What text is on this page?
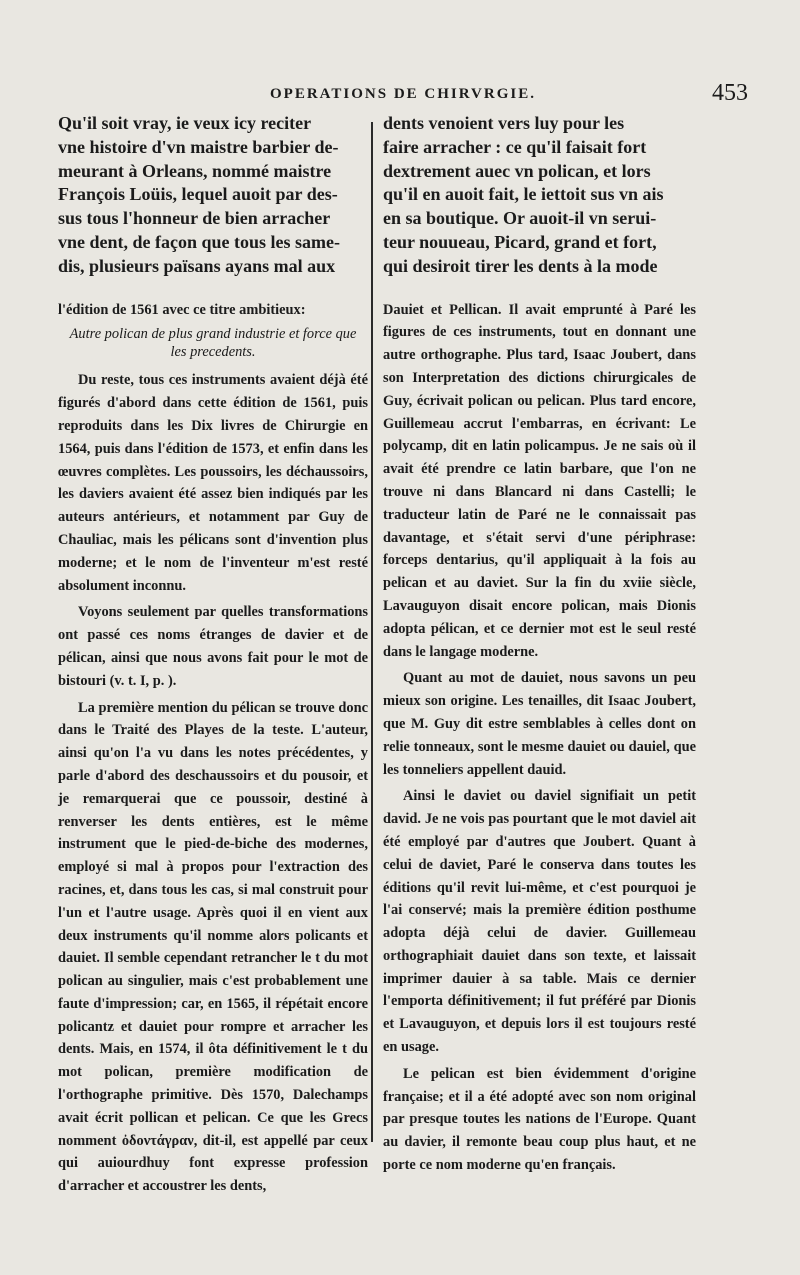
OPERATIONS DE CHIRVRGIE.	453

Qu'il soit vray, ie veux icy reciter

vne histoire d'vn maistre barbier de-

meurant à Orleans, nommé maistre

François Loüis, lequel auoit par des-

sus tous l'honneur de bien arracher

vne dent, de façon que tous les same-

dis, plusieurs païsans ayans mal aux

l'édition de 1561 avec ce titre ambitieux:

Autre polican de plus grand industrie et force que les precedents.

Du reste, tous ces instruments avaient déjà été figurés d'abord dans cette édition de 1561, puis reproduits dans les Dix livres de Chirurgie en 1564, puis dans l'édition de 1573, et enfin dans les œuvres complètes. Les poussoirs, les déchaussoirs, les daviers avaient été assez bien indiqués par les auteurs antérieurs, et notamment par Guy de Chauliac, mais les pélicans sont d'invention plus moderne; et le nom de l'inventeur m'est resté absolument inconnu.

Voyons seulement par quelles transformations ont passé ces noms étranges de davier et de pélican, ainsi que nous avons fait pour le mot de bistouri (v. t. I, p. ).

La première mention du pélican se trouve donc dans le Traité des Playes de la teste. L'auteur, ainsi qu'on l'a vu dans les notes précédentes, y parle d'abord des deschaussoirs et du pousoir, et je remarquerai que ce poussoir, destiné à renverser les dents entières, est le même instrument que le pied-de-biche des modernes, employé si mal à propos pour l'extraction des racines, et, dans tous les cas, si mal construit pour l'un et l'autre usage. Après quoi il en vient aux deux instruments qu'il nomme alors policants et dauiet. Il semble cependant retrancher le t du mot polican au singulier, mais c'est probablement une faute d'impression; car, en 1565, il répétait encore policantz et dauiet pour rompre et arracher les dents. Mais, en 1574, il ôta définitivement le t du mot polican, première modification de l'orthographe primitive. Dès 1570, Dalechamps avait écrit pollican et pelican. Ce que les Grecs nomment ὀδοντάγραν, dit-il, est appellé par ceux qui auiourdhuy font expresse profession d'arracher et accoustrer les dents,

dents venoient vers luy pour les

faire arracher : ce qu'il faisait fort

dextrement auec vn polican, et lors

qu'il en auoit fait, le iettoit sus vn ais

en sa boutique. Or auoit-il vn serui-

teur nouueau, Picard, grand et fort,

qui desiroit tirer les dents à la mode

Dauiet et Pellican. Il avait emprunté à Paré les figures de ces instruments, tout en donnant une autre orthographe. Plus tard, Isaac Joubert, dans son Interpretation des dictions chirurgicales de Guy, écrivait polican ou pelican. Plus tard encore, Guillemeau accrut l'embarras, en écrivant: Le polycamp, dit en latin policampus. Je ne sais où il avait été prendre ce latin barbare, que l'on ne trouve ni dans Blancard ni dans Castelli; le traducteur latin de Paré ne le connaissait pas davantage, et s'était servi d'une périphrase: forceps dentarius, qu'il appliquait à la fois au pelican et au daviet. Sur la fin du xviie siècle, Lavauguyon disait encore polican, mais Dionis adopta pélican, et ce dernier mot est le seul resté dans le langage moderne.

Quant au mot de dauiet, nous savons un peu mieux son origine. Les tenailles, dit Isaac Joubert, que M. Guy dit estre semblables à celles dont on relie tonneaux, sont le mesme dauiet ou dauiel, que les tonneliers appellent dauid.

Ainsi le daviet ou daviel signifiait un petit david. Je ne vois pas pourtant que le mot daviel ait été employé par d'autres que Joubert. Quant à celui de daviet, Paré le conserva dans toutes les éditions qu'il revit lui-même, et c'est pourquoi je l'ai conservé; mais la première édition posthume adopta déjà celui de davier. Guillemeau orthographiait dauiet dans son texte, et laissait imprimer dauier à sa table. Mais ce dernier l'emporta définitivement; il fut préféré par Dionis et Lavauguyon, et depuis lors il est toujours resté en usage.

Le pelican est bien évidemment d'origine française; et il a été adopté avec son nom original par presque toutes les nations de l'Europe. Quant au davier, il remonte beau coup plus haut, et ne porte ce nom moderne qu'en français.
